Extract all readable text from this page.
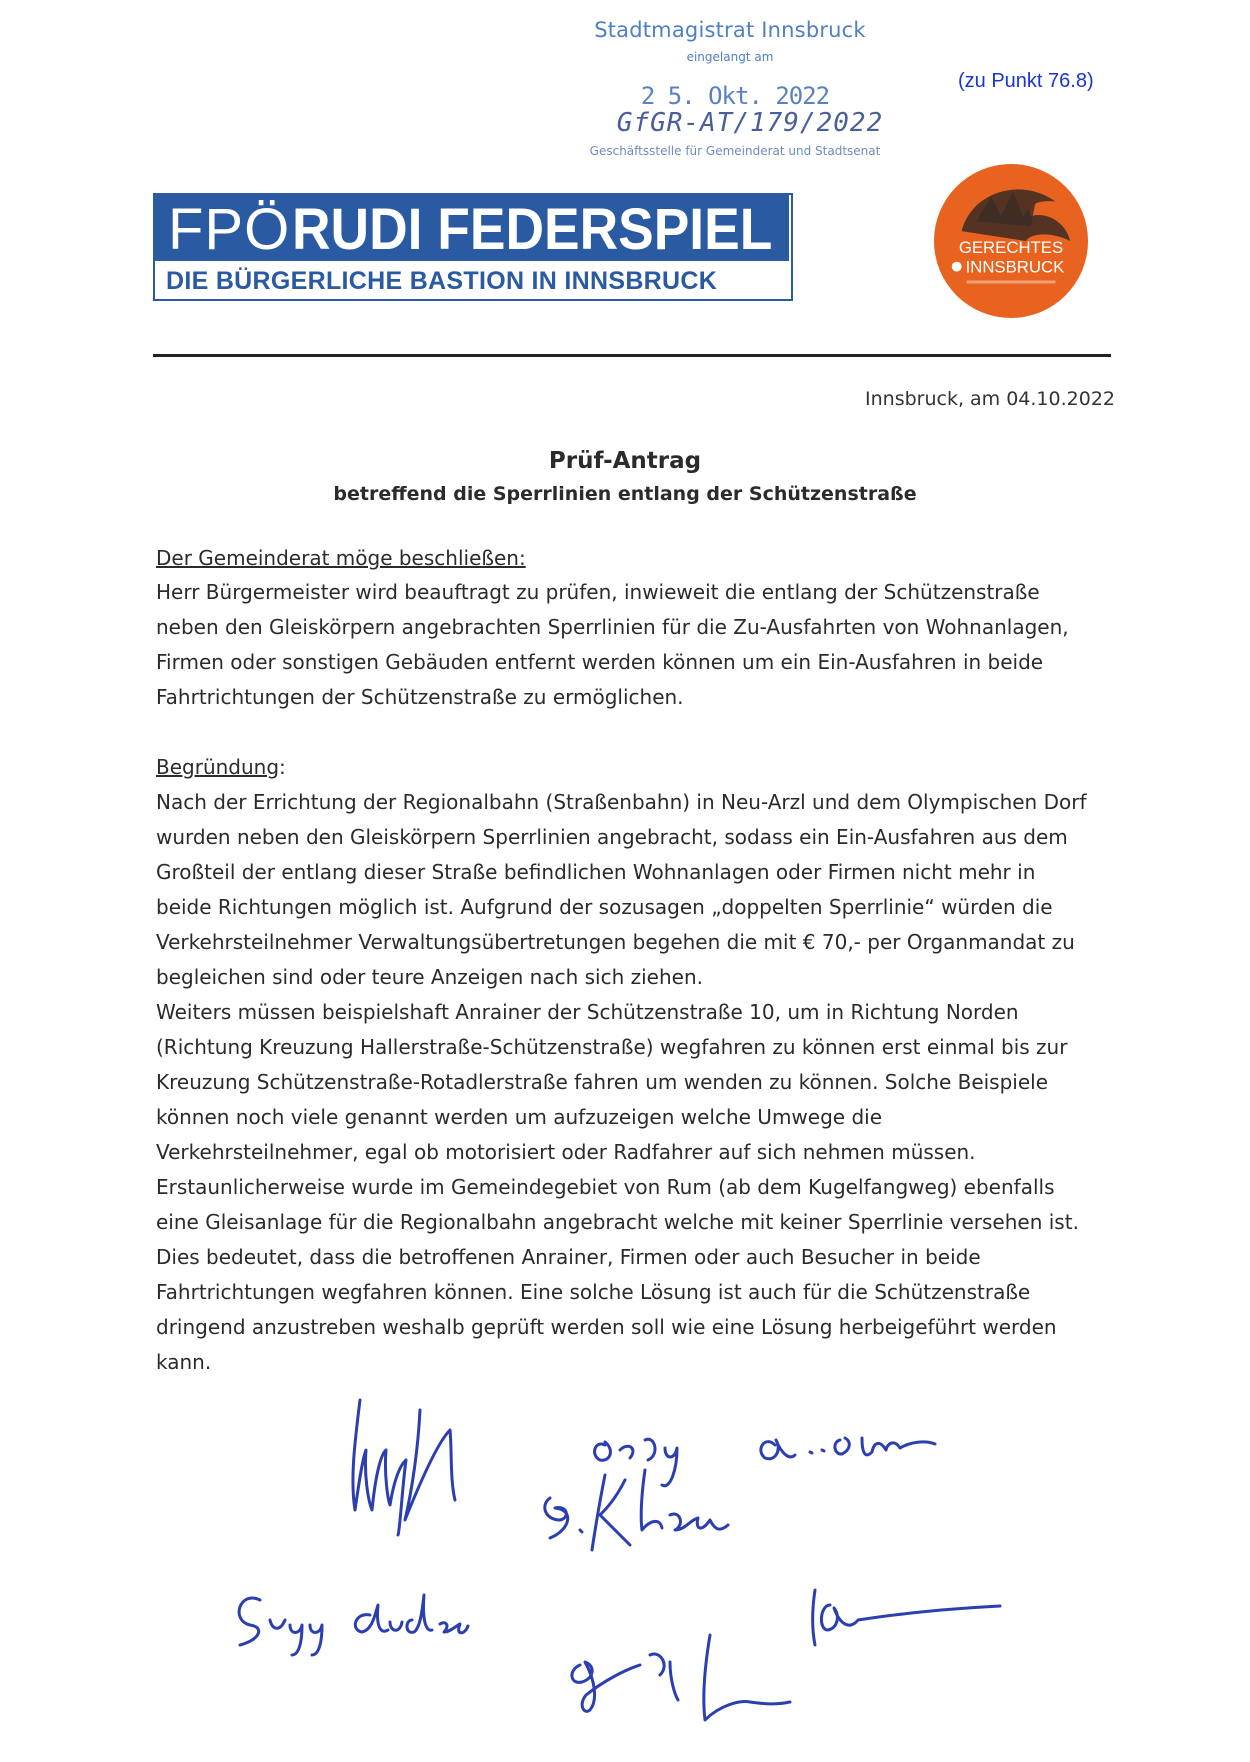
Stadtmagistrat Innsbruck
eingelangt am
2 5. Okt. 2022
GfGR-AT/179/2022
Geschäftsstelle für Gemeinderat und Stadtsenat
(zu Punkt 76.8)
FPÖ RUDI FEDERSPIEL
DIE BÜRGERLICHE BASTION IN INNSBRUCK
GERECHTES
INNSBRUCK
Innsbruck, am 04.10.2022
Prüf-Antrag
betreffend die Sperrlinien entlang der Schützenstraße
Der Gemeinderat möge beschließen:
Herr Bürgermeister wird beauftragt zu prüfen, inwieweit die entlang der Schützenstraße
neben den Gleiskörpern angebrachten Sperrlinien für die Zu-Ausfahrten von Wohnanlagen,
Firmen oder sonstigen Gebäuden entfernt werden können um ein Ein-Ausfahren in beide
Fahrtrichtungen der Schützenstraße zu ermöglichen.
Begründung:
Nach der Errichtung der Regionalbahn (Straßenbahn) in Neu-Arzl und dem Olympischen Dorf
wurden neben den Gleiskörpern Sperrlinien angebracht, sodass ein Ein-Ausfahren aus dem
Großteil der entlang dieser Straße befindlichen Wohnanlagen oder Firmen nicht mehr in
beide Richtungen möglich ist. Aufgrund der sozusagen „doppelten Sperrlinie“ würden die
Verkehrsteilnehmer Verwaltungsübertretungen begehen die mit € 70,- per Organmandat zu
begleichen sind oder teure Anzeigen nach sich ziehen.
Weiters müssen beispielshaft Anrainer der Schützenstraße 10, um in Richtung Norden
(Richtung Kreuzung Hallerstraße-Schützenstraße) wegfahren zu können erst einmal bis zur
Kreuzung Schützenstraße-Rotadlerstraße fahren um wenden zu können. Solche Beispiele
können noch viele genannt werden um aufzuzeigen welche Umwege die
Verkehrsteilnehmer, egal ob motorisiert oder Radfahrer auf sich nehmen müssen.
Erstaunlicherweise wurde im Gemeindegebiet von Rum (ab dem Kugelfangweg) ebenfalls
eine Gleisanlage für die Regionalbahn angebracht welche mit keiner Sperrlinie versehen ist.
Dies bedeutet, dass die betroffenen Anrainer, Firmen oder auch Besucher in beide
Fahrtrichtungen wegfahren können. Eine solche Lösung ist auch für die Schützenstraße
dringend anzustreben weshalb geprüft werden soll wie eine Lösung herbeigeführt werden
kann.
